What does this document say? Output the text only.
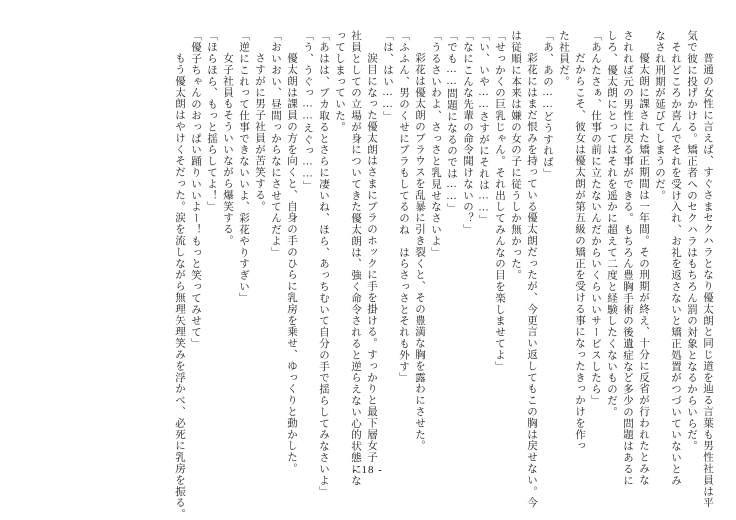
　普通の女性に言えば、すぐさまセクハラとなり優太朗と同じ道を辿る言葉も男性社員は平
気で彼に投げかける。矯正者へのセクハラはもちろん罰の対象となるからいらだ。
　それどころか喜んでそれを受け入れ、お礼を返さないと矯正処置がつづいていないとみ
なされ刑期が延びてしまうのだ。
　優太朗に課された矯正期間は一年間。その刑期が終え、十分に反省が行われたとみな
されれば元の男性に戻る事ができる。もちろん豊胸手術の後遺症など多少の問題はあるに
しろ、優太朗にとってはそれを遥かに超えて二度と経験したくないものだ。
「あんたさぁ、仕事の前に立たないんだからいくらいいサービスしたら」
　だからこそ、彼女は優太朗が第五級の矯正を受ける事になったきっかけを作っ
た社員だ。
「あ、あの……どうすれば」
　彩花にはまだ恨みを持っている優太朗だったが、今更言い返してもこの胸は戻せない。今
は従順に本来は嫌の女の子に従うしか無かった。
「せっかくの巨乳じゃん。それ出してみんなの目を楽しませてよ」
「い、いや……さすがにそれは……」
「なにこんな先輩の命令聞けないの？」
「でも……問題になるのでは……」
「うるさいわよ、さっさと乳見せなさいよ」
　彩花は優太朗のブラウスを乱暴に引き裂くと、その豊満な胸を露わにさせた。
「ふふん、男のくせにブラもしてるのね　はらさっさとそれも外す」
「は、はい……」
　涙目になった優太朗はさまにブラのホックに手を掛ける。すっかりと最下層女子
社員としての立場が身についてきた優太朗は、強く命令されると逆らえない心的状態にな
ってしまっていた。
「あはは、ブカ取るとさらに凄いね、ほら、あっちむいて自分の手で揺らしてみなさいよ」
「う、うぐっ……えぐっ……」
　優太朗は課員の方を向くと、自身の手のひらに乳房を乗せ、ゆっくりと動かした。
「おいおい、昼間っからなにさせてんだよ」
　さすがに男子社員が苦笑する。
「逆にこれって仕事できないいよ、彩花やりすぎい」
　女子社員もそういいながら爆笑する。
「ほらほら、もっと揺らしてよ！」
「優子ちゃんのおっぱい踊りいいよー！もっと笑ってみせて」
　もう優太朗はやけくそだった。涙を流しながら無理矢理笑みを浮かべ、必死に乳房を振る。	- 18 -
